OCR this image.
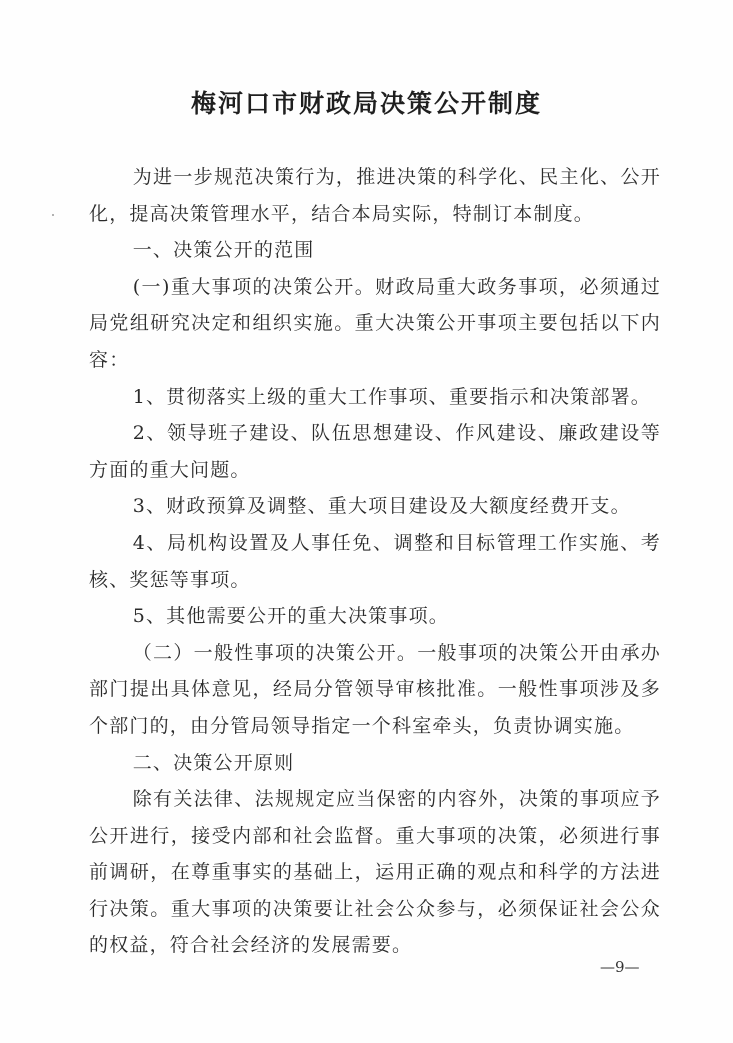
梅河口市财政局决策公开制度

为进一步规范决策行为，推进决策的科学化、民主化、公开化，提高决策管理水平，结合本局实际，特制订本制度。

一、决策公开的范围

(一)重大事项的决策公开。财政局重大政务事项，必须通过局党组研究决定和组织实施。重大决策公开事项主要包括以下内容：

1、贯彻落实上级的重大工作事项、重要指示和决策部署。

2、领导班子建设、队伍思想建设、作风建设、廉政建设等方面的重大问题。

3、财政预算及调整、重大项目建设及大额度经费开支。

4、局机构设置及人事任免、调整和目标管理工作实施、考核、奖惩等事项。

5、其他需要公开的重大决策事项。

（二）一般性事项的决策公开。一般事项的决策公开由承办部门提出具体意见，经局分管领导审核批准。一般性事项涉及多个部门的，由分管局领导指定一个科室牵头，负责协调实施。

二、决策公开原则

除有关法律、法规规定应当保密的内容外，决策的事项应予公开进行，接受内部和社会监督。重大事项的决策，必须进行事前调研，在尊重事实的基础上，运用正确的观点和科学的方法进行决策。重大事项的决策要让社会公众参与，必须保证社会公众的权益，符合社会经济的发展需要。

—9—
